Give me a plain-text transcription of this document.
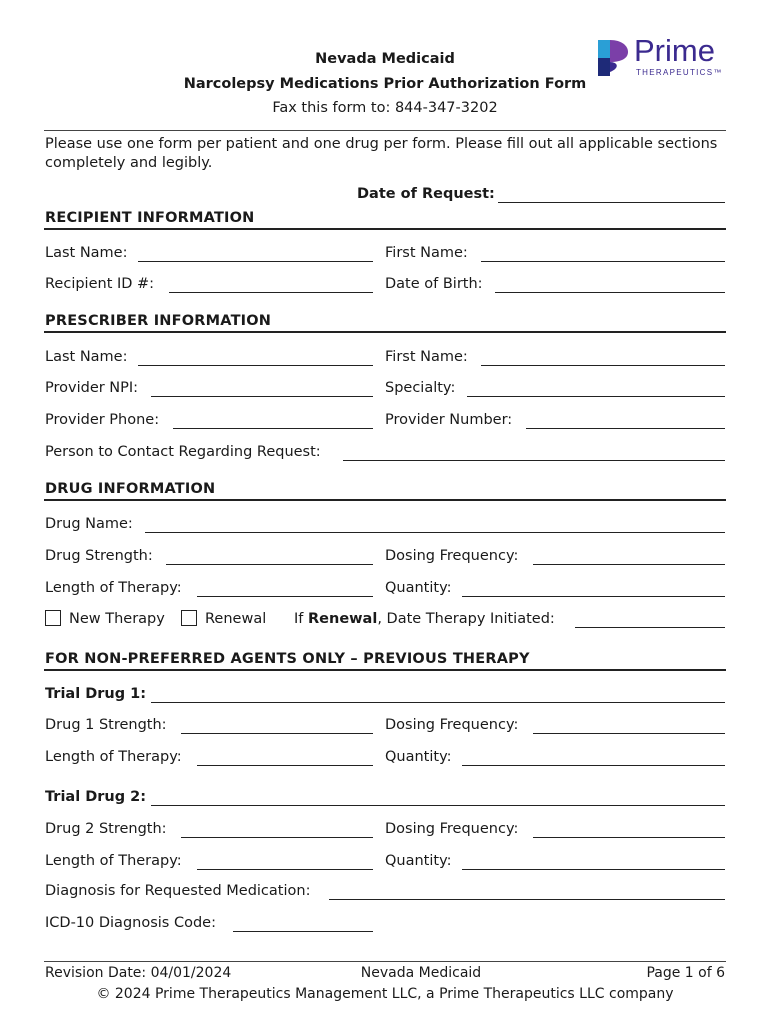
Nevada Medicaid
Narcolepsy Medications Prior Authorization Form
Fax this form to: 844-347-3202
Prime
THERAPEUTICS™
Please use one form per patient and one drug per form. Please fill out all applicable sections completely and legibly.
Date of Request:
RECIPIENT INFORMATION
Last Name:	First Name:
Recipient ID #:	Date of Birth:
PRESCRIBER INFORMATION
Last Name:	First Name:
Provider NPI:	Specialty:
Provider Phone:	Provider Number:
Person to Contact Regarding Request:
DRUG INFORMATION
Drug Name:
Drug Strength:	Dosing Frequency:
Length of Therapy:	Quantity:
New Therapy	Renewal If Renewal, Date Therapy Initiated:
FOR NON-PREFERRED AGENTS ONLY – PREVIOUS THERAPY
Trial Drug 1:
Drug 1 Strength:	Dosing Frequency:
Length of Therapy:	Quantity:
Trial Drug 2:
Drug 2 Strength:	Dosing Frequency:
Length of Therapy:	Quantity:
Diagnosis for Requested Medication:
ICD-10 Diagnosis Code:
Revision Date: 04/01/2024	Nevada Medicaid	Page 1 of 6
© 2024 Prime Therapeutics Management LLC, a Prime Therapeutics LLC company
